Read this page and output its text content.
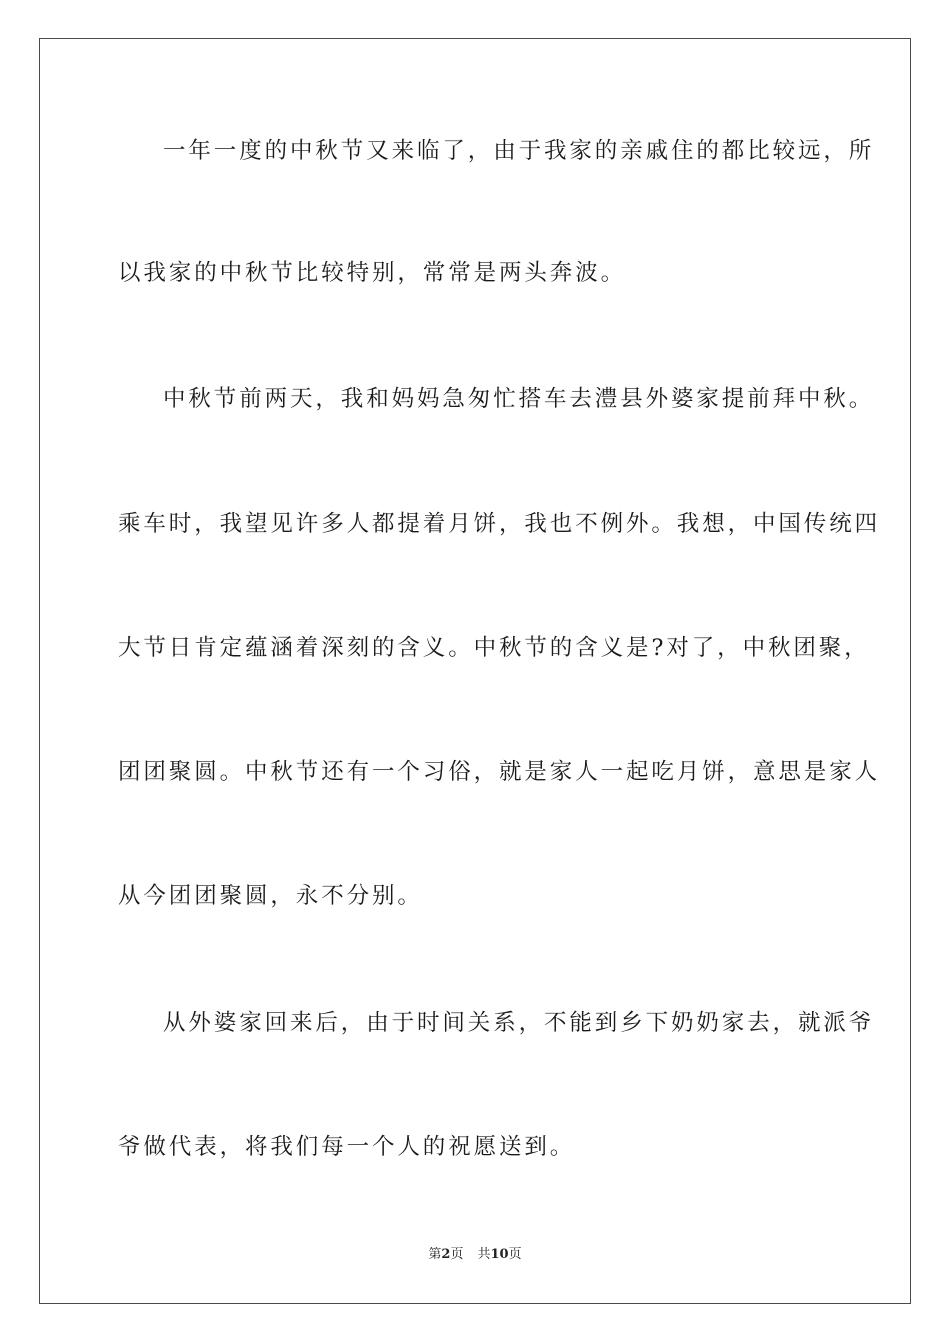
一年一度的中秋节又来临了，由于我家的亲戚住的都比较远，所
以我家的中秋节比较特别，常常是两头奔波。
中秋节前两天，我和妈妈急匆忙搭车去澧县外婆家提前拜中秋。
乘车时，我望见许多人都提着月饼，我也不例外。我想，中国传统四
大节日肯定蕴涵着深刻的含义。中秋节的含义是?对了，中秋团聚，
团团聚圆。中秋节还有一个习俗，就是家人一起吃月饼，意思是家人
从今团团聚圆，永不分别。
从外婆家回来后，由于时间关系，不能到乡下奶奶家去，就派爷
爷做代表，将我们每一个人的祝愿送到。
第2页 共10页
